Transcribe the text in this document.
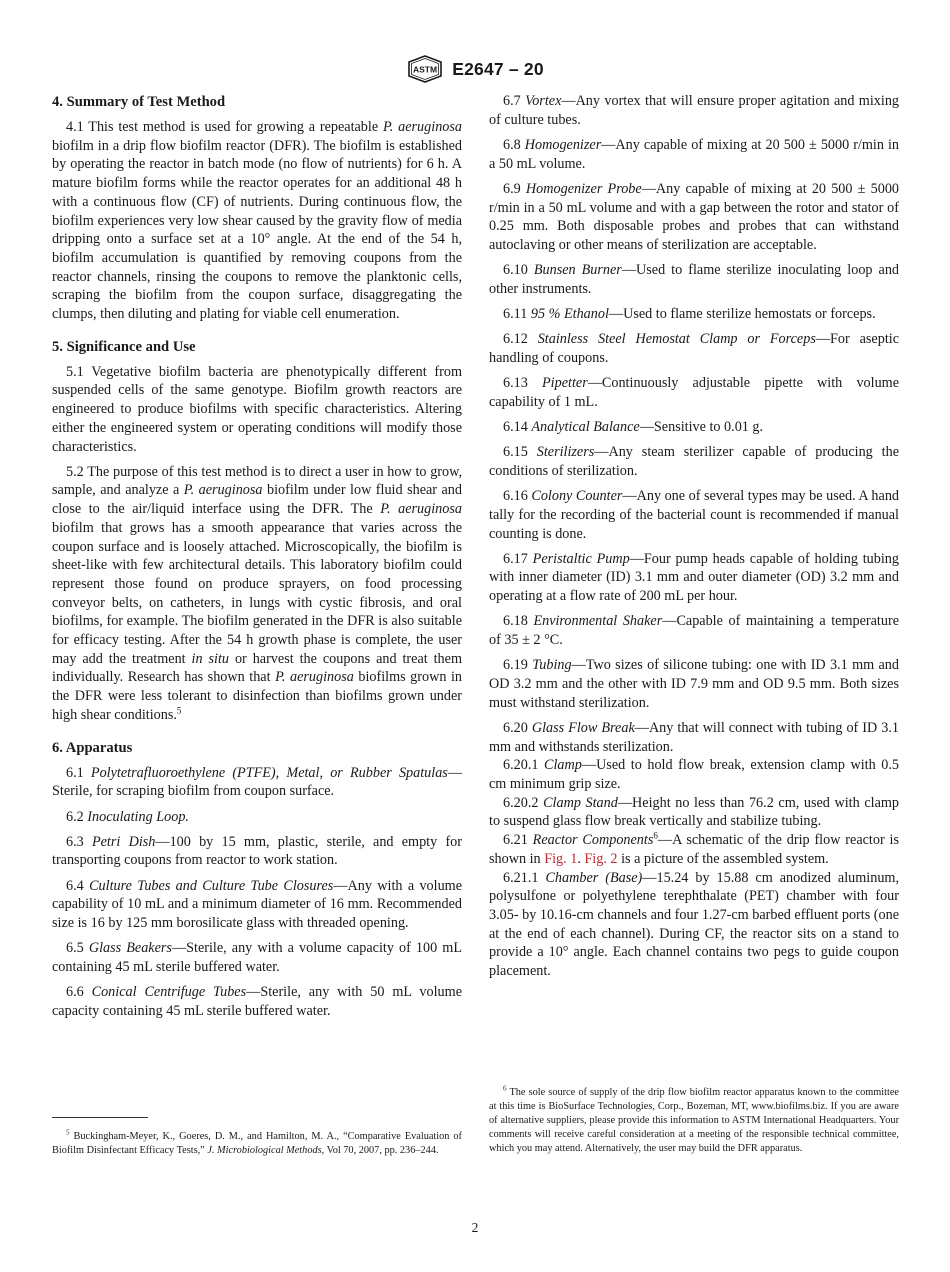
ASTM E2647 – 20
4. Summary of Test Method

4.1 This test method is used for growing a repeatable P. aeruginosa biofilm in a drip flow biofilm reactor (DFR). The biofilm is established by operating the reactor in batch mode (no flow of nutrients) for 6 h. A mature biofilm forms while the reactor operates for an additional 48 h with a continuous flow (CF) of nutrients. During continuous flow, the biofilm experiences very low shear caused by the gravity flow of media dripping onto a surface set at a 10° angle. At the end of the 54 h, biofilm accumulation is quantified by removing coupons from the reactor channels, rinsing the coupons to remove the planktonic cells, scraping the biofilm from the coupon surface, disaggregating the clumps, then diluting and plating for viable cell enumeration.

5. Significance and Use

5.1 Vegetative biofilm bacteria are phenotypically different from suspended cells of the same genotype. Biofilm growth reactors are engineered to produce biofilms with specific characteristics. Altering either the engineered system or operating conditions will modify those characteristics.

5.2 The purpose of this test method is to direct a user in how to grow, sample, and analyze a P. aeruginosa biofilm under low fluid shear and close to the air/liquid interface using the DFR. The P. aeruginosa biofilm that grows has a smooth appearance that varies across the coupon surface and is loosely attached. Microscopically, the biofilm is sheet-like with few architectural details. This laboratory biofilm could represent those found on produce sprayers, on food processing conveyor belts, on catheters, in lungs with cystic fibrosis, and oral biofilms, for example. The biofilm generated in the DFR is also suitable for efficacy testing. After the 54 h growth phase is complete, the user may add the treatment in situ or harvest the coupons and treat them individually. Research has shown that P. aeruginosa biofilms grown in the DFR were less tolerant to disinfection than biofilms grown under high shear conditions.$^5$

6. Apparatus

6.1 Polytetrafluoroethylene (PTFE), Metal, or Rubber Spatulas—Sterile, for scraping biofilm from coupon surface.

6.2 Inoculating Loop.

6.3 Petri Dish—100 by 15 mm, plastic, sterile, and empty for transporting coupons from reactor to work station.

6.4 Culture Tubes and Culture Tube Closures—Any with a volume capability of 10 mL and a minimum diameter of 16 mm. Recommended size is 16 by 125 mm borosilicate glass with threaded opening.

6.5 Glass Beakers—Sterile, any with a volume capacity of 100 mL containing 45 mL sterile buffered water.

6.6 Conical Centrifuge Tubes—Sterile, any with 50 mL volume capacity containing 45 mL sterile buffered water.

6.7 Vortex—Any vortex that will ensure proper agitation and mixing of culture tubes.

6.8 Homogenizer—Any capable of mixing at 20 500 ± 5000 r/min in a 50 mL volume.

6.9 Homogenizer Probe—Any capable of mixing at 20 500 ± 5000 r/min in a 50 mL volume and with a gap between the rotor and stator of 0.25 mm. Both disposable probes and probes that can withstand autoclaving or other means of sterilization are acceptable.

6.10 Bunsen Burner—Used to flame sterilize inoculating loop and other instruments.

6.11 95 % Ethanol—Used to flame sterilize hemostats or forceps.

6.12 Stainless Steel Hemostat Clamp or Forceps—For aseptic handling of coupons.

6.13 Pipetter—Continuously adjustable pipette with volume capability of 1 mL.

6.14 Analytical Balance—Sensitive to 0.01 g.

6.15 Sterilizers—Any steam sterilizer capable of producing the conditions of sterilization.

6.16 Colony Counter—Any one of several types may be used. A hand tally for the recording of the bacterial count is recommended if manual counting is done.

6.17 Peristaltic Pump—Four pump heads capable of holding tubing with inner diameter (ID) 3.1 mm and outer diameter (OD) 3.2 mm and operating at a flow rate of 200 mL per hour.

6.18 Environmental Shaker—Capable of maintaining a temperature of 35 ± 2 °C.

6.19 Tubing—Two sizes of silicone tubing: one with ID 3.1 mm and OD 3.2 mm and the other with ID 7.9 mm and OD 9.5 mm. Both sizes must withstand sterilization.

6.20 Glass Flow Break—Any that will connect with tubing of ID 3.1 mm and withstands sterilization.

6.20.1 Clamp—Used to hold flow break, extension clamp with 0.5 cm minimum grip size.

6.20.2 Clamp Stand—Height no less than 76.2 cm, used with clamp to suspend glass flow break vertically and stabilize tubing.

6.21 Reactor Components$^6$—A schematic of the drip flow reactor is shown in Fig. 1. Fig. 2 is a picture of the assembled system.

6.21.1 Chamber (Base)—15.24 by 15.88 cm anodized aluminum, polysulfone or polyethylene terephthalate (PET) chamber with four 3.05- by 10.16-cm channels and four 1.27-cm barbed effluent ports (one at the end of each channel). During CF, the reactor sits on a stand to provide a 10° angle. Each channel contains two pegs to guide coupon placement.

$^5$ Buckingham-Meyer, K., Goeres, D. M., and Hamilton, M. A., “Comparative Evaluation of Biofilm Disinfectant Efficacy Tests,” J. Microbiological Methods, Vol 70, 2007, pp. 236–244.
$^6$ The sole source of supply of the drip flow biofilm reactor apparatus known to the committee at this time is BioSurface Technologies, Corp., Bozeman, MT, www.biofilms.biz. If you are aware of alternative suppliers, please provide this information to ASTM International Headquarters. Your comments will receive careful consideration at a meeting of the responsible technical committee, which you may attend. Alternatively, the user may build the DFR apparatus.
2
